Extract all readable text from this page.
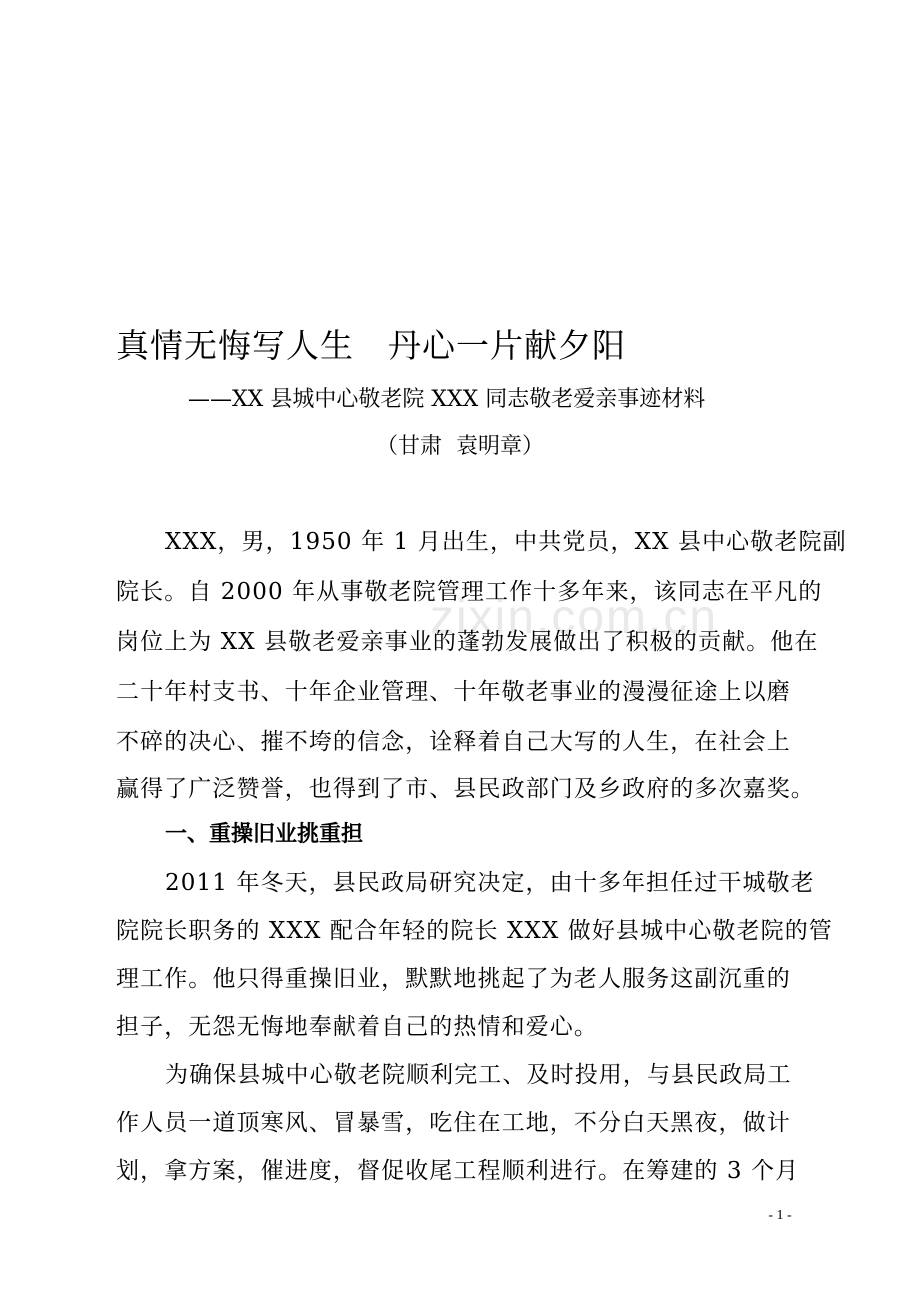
zixin.com.cn
真情无悔写人生　丹心一片献夕阳
——XX 县城中心敬老院 XXX 同志敬老爱亲事迹材料
（甘肃  袁明章）
XXX，男，1950 年 1 月出生，中共党员，XX 县中心敬老院副
院长。自 2000 年从事敬老院管理工作十多年来，该同志在平凡的
岗位上为 XX 县敬老爱亲事业的蓬勃发展做出了积极的贡献。他在
二十年村支书、十年企业管理、十年敬老事业的漫漫征途上以磨
不碎的决心、摧不垮的信念，诠释着自己大写的人生，在社会上
赢得了广泛赞誉，也得到了市、县民政部门及乡政府的多次嘉奖。
一、重操旧业挑重担
2011 年冬天，县民政局研究决定，由十多年担任过干城敬老
院院长职务的 XXX 配合年轻的院长 XXX 做好县城中心敬老院的管
理工作。他只得重操旧业，默默地挑起了为老人服务这副沉重的
担子，无怨无悔地奉献着自己的热情和爱心。
为确保县城中心敬老院顺利完工、及时投用，与县民政局工
作人员一道顶寒风、冒暴雪，吃住在工地，不分白天黑夜，做计
划，拿方案，催进度，督促收尾工程顺利进行。在筹建的 3 个月
- 1 -
